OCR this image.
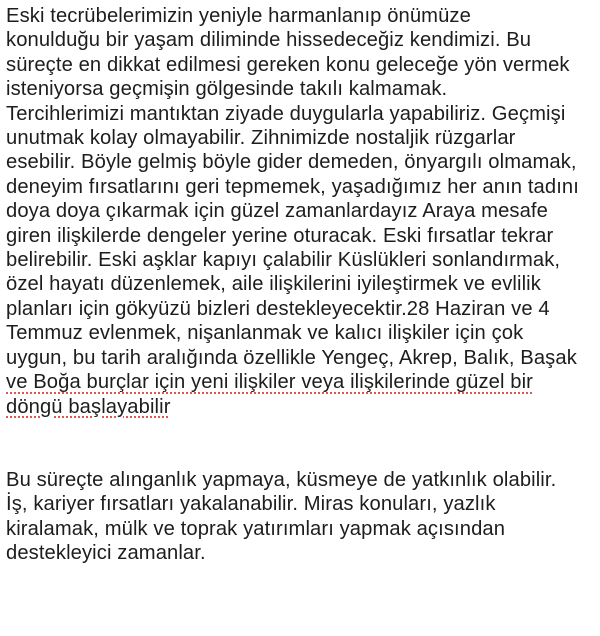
Eski tecrübelerimizin yeniyle harmanlanıp önümüze
konulduğu bir yaşam diliminde hissedeceğiz kendimizi. Bu
süreçte en dikkat edilmesi gereken konu geleceğe yön vermek
isteniyorsa geçmişin gölgesinde takılı kalmamak.
Tercihlerimizi mantıktan ziyade duygularla yapabiliriz. Geçmişi
unutmak kolay olmayabilir. Zihnimizde nostaljik rüzgarlar
esebilir. Böyle gelmiş böyle gider demeden, önyargılı olmamak,
deneyim fırsatlarını geri tepmemek, yaşadığımız her anın tadını
doya doya çıkarmak için güzel zamanlardayız Araya mesafe
giren ilişkilerde dengeler yerine oturacak. Eski fırsatlar tekrar
belirebilir. Eski aşklar kapıyı çalabilir Küslükleri sonlandırmak,
özel hayatı düzenlemek, aile ilişkilerini iyileştirmek ve evlilik
planları için gökyüzü bizleri destekleyecektir.28 Haziran ve 4
Temmuz evlenmek, nişanlanmak ve kalıcı ilişkiler için çok
uygun, bu tarih aralığında özellikle Yengeç, Akrep, Balık, Başak
ve Boğa burçlar için yeni ilişkiler veya ilişkilerinde güzel bir
döngü başlayabilir

Bu süreçte alınganlık yapmaya, küsmeye de yatkınlık olabilir.
İş, kariyer fırsatları yakalanabilir. Miras konuları, yazlık
kiralamak, mülk ve toprak yatırımları yapmak açısından
destekleyici zamanlar.
